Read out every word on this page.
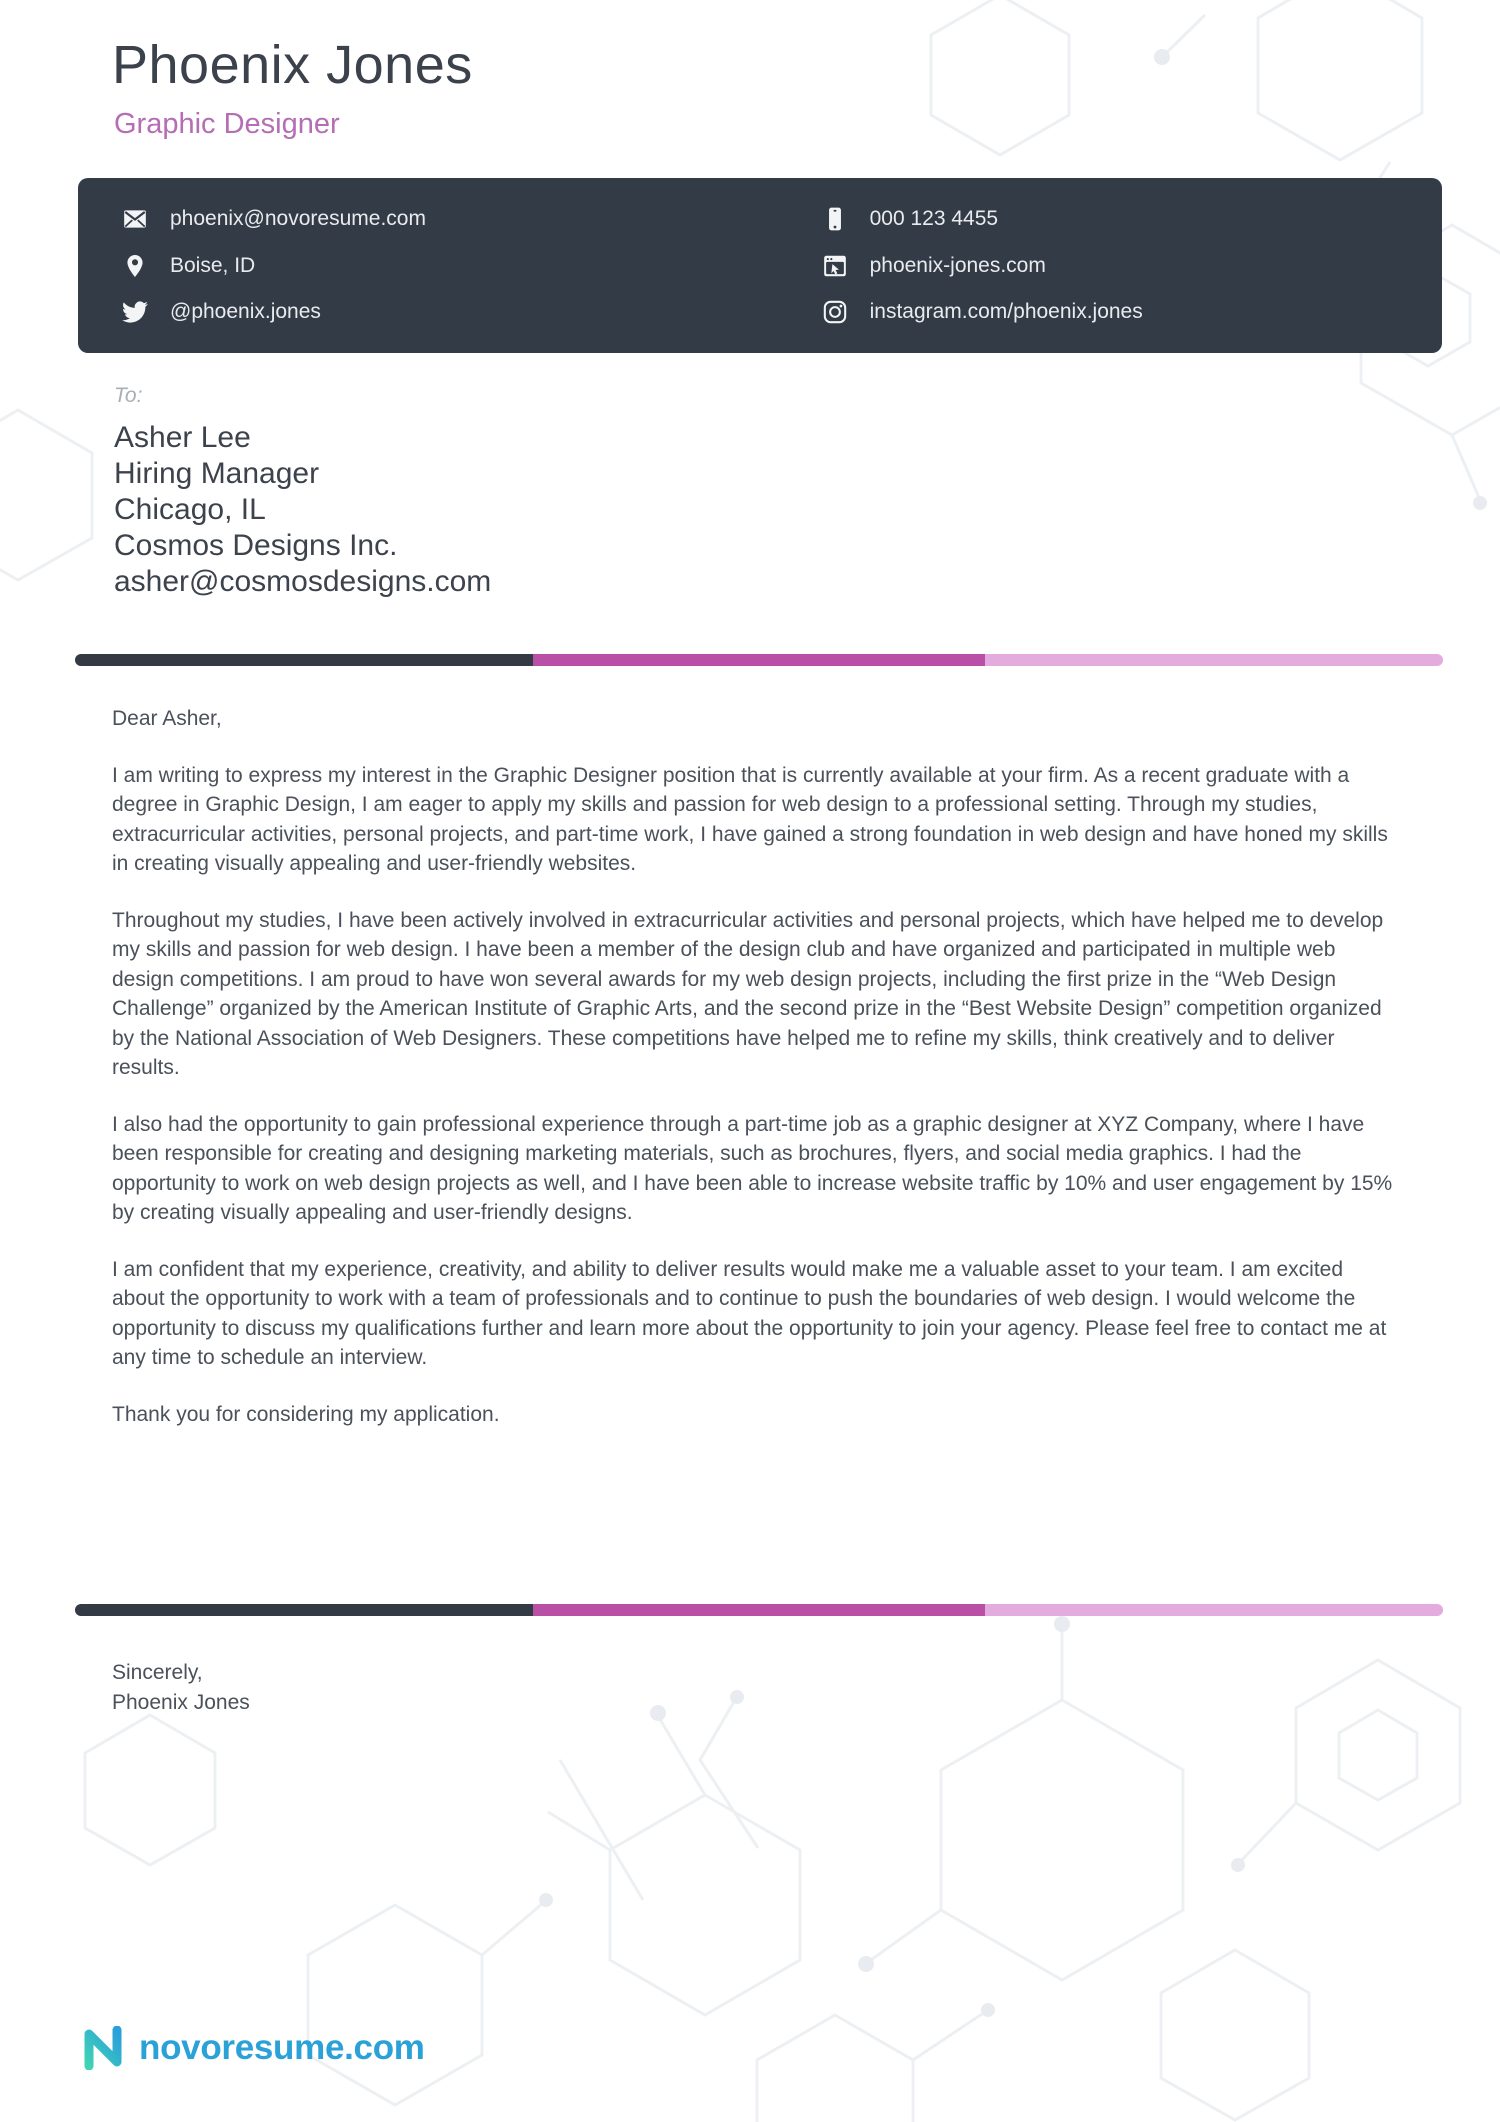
Phoenix Jones
Graphic Designer
phoenix@novoresume.com
Boise, ID
@phoenix.jones
000 123 4455
phoenix-jones.com
instagram.com/phoenix.jones
To:
Asher Lee
Hiring Manager
Chicago, IL
Cosmos Designs Inc.
asher@cosmosdesigns.com

Dear Asher,

I am writing to express my interest in the Graphic Designer position that is currently available at your firm. As a recent graduate with a degree in Graphic Design, I am eager to apply my skills and passion for web design to a professional setting. Through my studies, extracurricular activities, personal projects, and part-time work, I have gained a strong foundation in web design and have honed my skills in creating visually appealing and user-friendly websites.

Throughout my studies, I have been actively involved in extracurricular activities and personal projects, which have helped me to develop my skills and passion for web design. I have been a member of the design club and have organized and participated in multiple web design competitions. I am proud to have won several awards for my web design projects, including the first prize in the “Web Design Challenge” organized by the American Institute of Graphic Arts, and the second prize in the “Best Website Design” competition organized by the National Association of Web Designers. These competitions have helped me to refine my skills, think creatively and to deliver results.

I also had the opportunity to gain professional experience through a part-time job as a graphic designer at XYZ Company, where I have been responsible for creating and designing marketing materials, such as brochures, flyers, and social media graphics. I had the opportunity to work on web design projects as well, and I have been able to increase website traffic by 10% and user engagement by 15% by creating visually appealing and user-friendly designs.

I am confident that my experience, creativity, and ability to deliver results would make me a valuable asset to your team. I am excited about the opportunity to work with a team of professionals and to continue to push the boundaries of web design. I would welcome the opportunity to discuss my qualifications further and learn more about the opportunity to join your agency. Please feel free to contact me at any time to schedule an interview.

Thank you for considering my application.

Sincerely,
Phoenix Jones
novoresume.com
